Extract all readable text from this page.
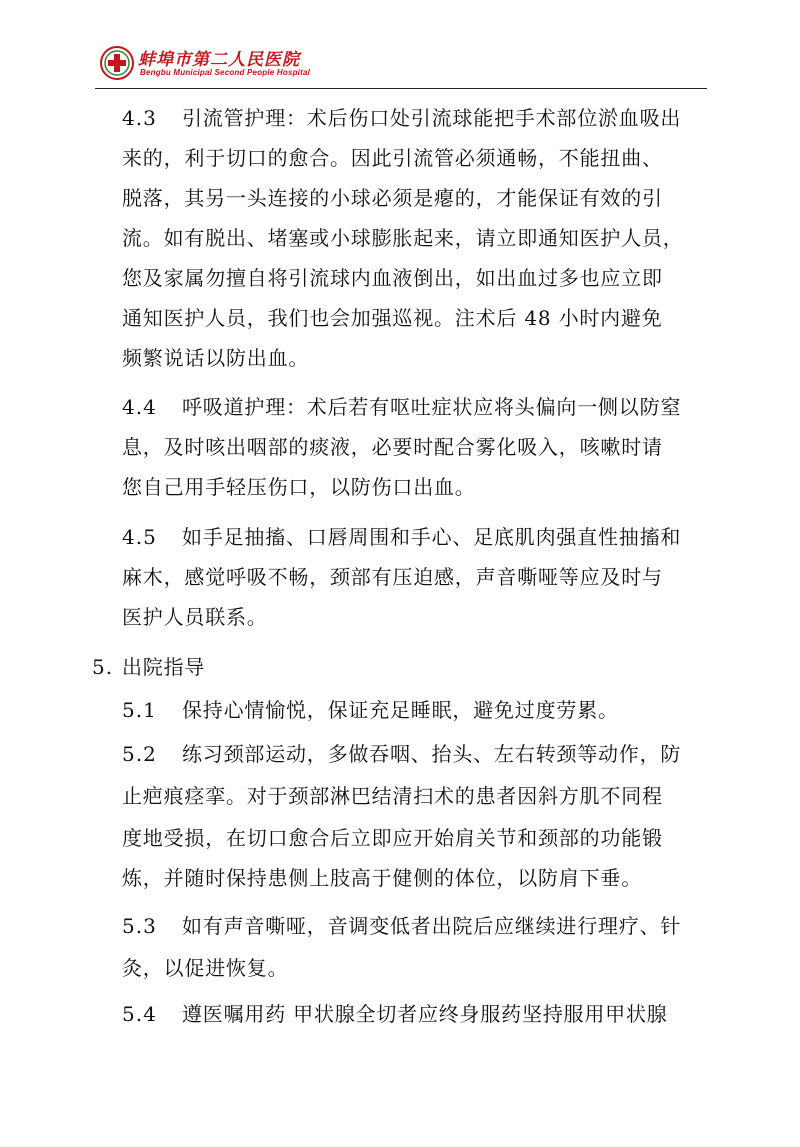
蚌埠市第二人民医院
Bengbu Municipal Second People Hospital
4.3 引流管护理：术后伤口处引流球能把手术部位淤血吸出
来的，利于切口的愈合。因此引流管必须通畅，不能扭曲、
脱落，其另一头连接的小球必须是瘪的，才能保证有效的引
流。如有脱出、堵塞或小球膨胀起来，请立即通知医护人员，
您及家属勿擅自将引流球内血液倒出，如出血过多也应立即
通知医护人员，我们也会加强巡视。注术后 48 小时内避免
频繁说话以防出血。
4.4 呼吸道护理：术后若有呕吐症状应将头偏向一侧以防窒
息，及时咳出咽部的痰液，必要时配合雾化吸入，咳嗽时请
您自己用手轻压伤口，以防伤口出血。
4.5 如手足抽搐、口唇周围和手心、足底肌肉强直性抽搐和
麻木，感觉呼吸不畅，颈部有压迫感，声音嘶哑等应及时与
医护人员联系。
5. 出院指导
5.1 保持心情愉悦，保证充足睡眠，避免过度劳累。
5.2 练习颈部运动，多做吞咽、抬头、左右转颈等动作，防
止疤痕痉挛。对于颈部淋巴结清扫术的患者因斜方肌不同程
度地受损，在切口愈合后立即应开始肩关节和颈部的功能锻
炼，并随时保持患侧上肢高于健侧的体位，以防肩下垂。
5.3 如有声音嘶哑，音调变低者出院后应继续进行理疗、针
灸，以促进恢复。
5.4 遵医嘱用药 甲状腺全切者应终身服药坚持服用甲状腺
